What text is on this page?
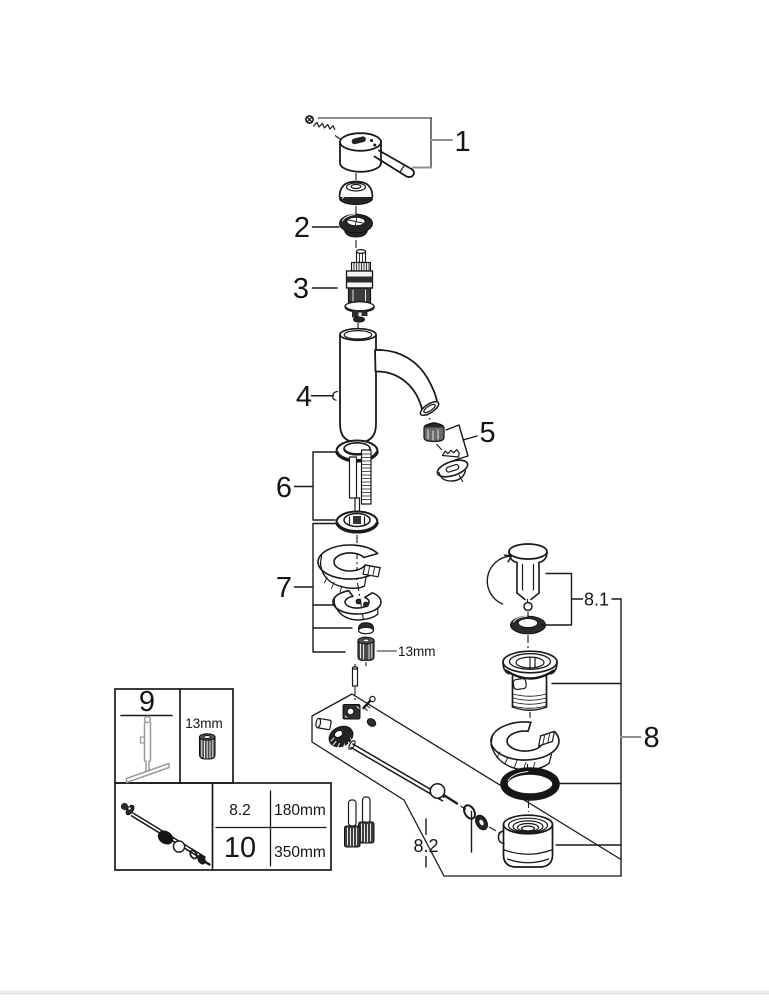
1
2
3
4
5
6
7
13mm
8.1
8
8.2
9
13mm
8.2 180mm
10 350mm
